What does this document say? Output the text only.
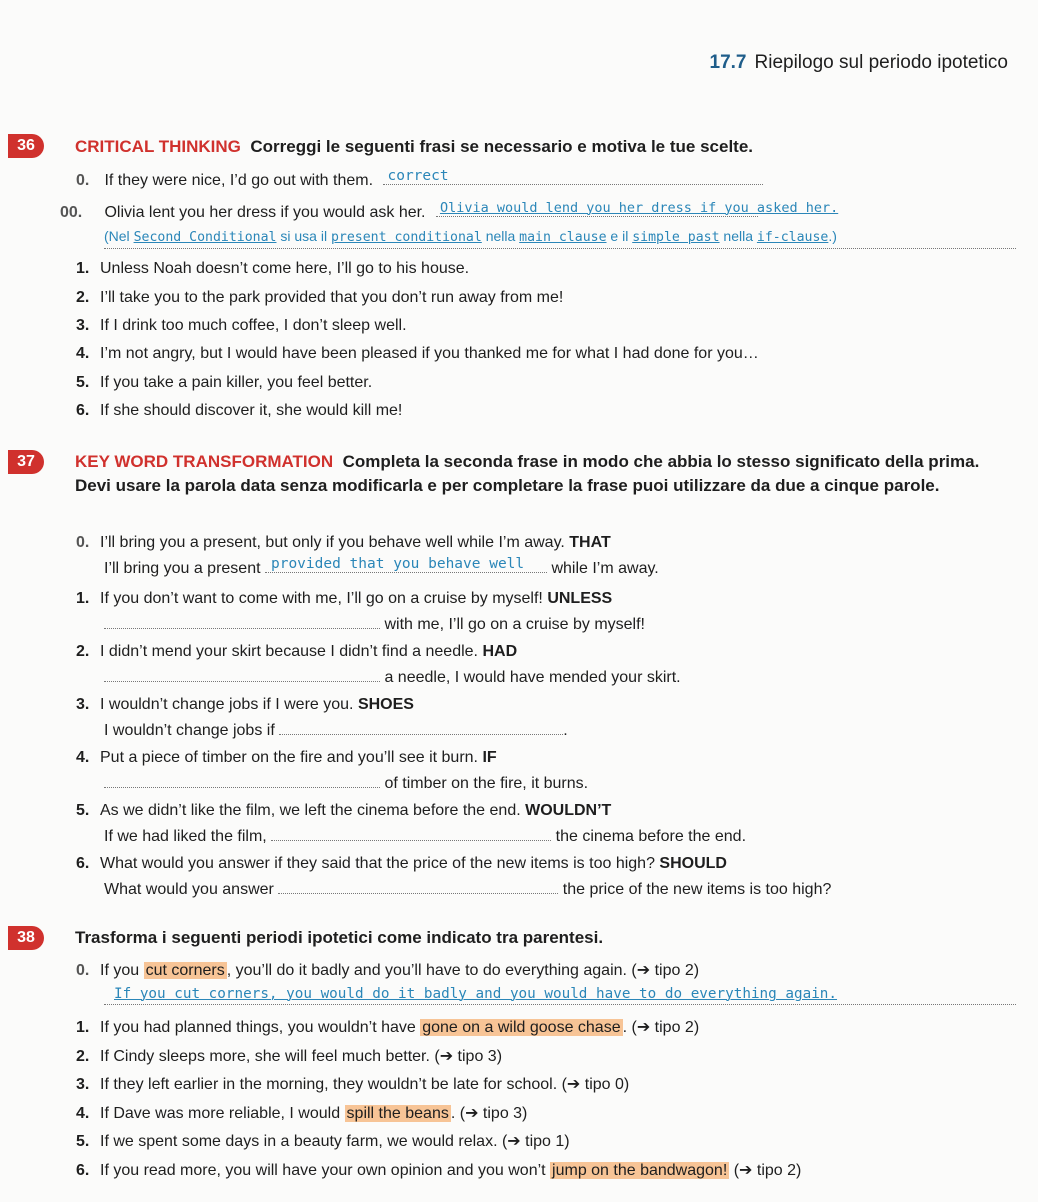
17.7 Riepilogo sul periodo ipotetico
36	CRITICAL THINKING Correggi le seguenti frasi se necessario e motiva le tue scelte.
0. If they were nice, I’d go out with them. correct
00. Olivia lent you her dress if you would ask her. Olivia would lend you her dress if you asked her.
(Nel Second Conditional si usa il present conditional nella main clause e il simple past nella if-clause.)
1. Unless Noah doesn’t come here, I’ll go to his house.
2. I’ll take you to the park provided that you don’t run away from me!
3. If I drink too much coffee, I don’t sleep well.
4. I’m not angry, but I would have been pleased if you thanked me for what I had done for you…
5. If you take a pain killer, you feel better.
6. If she should discover it, she would kill me!
37	KEY WORD TRANSFORMATION Completa la seconda frase in modo che abbia lo stesso significato della prima. Devi usare la parola data senza modificarla e per completare la frase puoi utilizzare da due a cinque parole.
0. I’ll bring you a present, but only if you behave well while I’m away. THAT
I’ll bring you a present provided that you behave well while I’m away.
1. If you don’t want to come with me, I’ll go on a cruise by myself! UNLESS
with me, I’ll go on a cruise by myself!
2. I didn’t mend your skirt because I didn’t find a needle. HAD
a needle, I would have mended your skirt.
3. I wouldn’t change jobs if I were you. SHOES
I wouldn’t change jobs if	.
4. Put a piece of timber on the fire and you’ll see it burn. IF
of timber on the fire, it burns.
5. As we didn’t like the film, we left the cinema before the end. WOULDN’T
If we had liked the film,	the cinema before the end.
6. What would you answer if they said that the price of the new items is too high? SHOULD
What would you answer	the price of the new items is too high?
38	Trasforma i seguenti periodi ipotetici come indicato tra parentesi.
0. If you cut corners , you’ll do it badly and you’ll have to do everything again. (➔ tipo 2)
If you cut corners, you would do it badly and you would have to do everything again.
1. If you had planned things, you wouldn’t have gone on a wild goose chase . (➔ tipo 2)
2. If Cindy sleeps more, she will feel much better. (➔ tipo 3)
3. If they left earlier in the morning, they wouldn’t be late for school. (➔ tipo 0)
4. If Dave was more reliable, I would spill the beans . (➔ tipo 3)
5. If we spent some days in a beauty farm, we would relax. (➔ tipo 1)
6. If you read more, you will have your own opinion and you won’t jump on the bandwagon! (➔ tipo 2)
